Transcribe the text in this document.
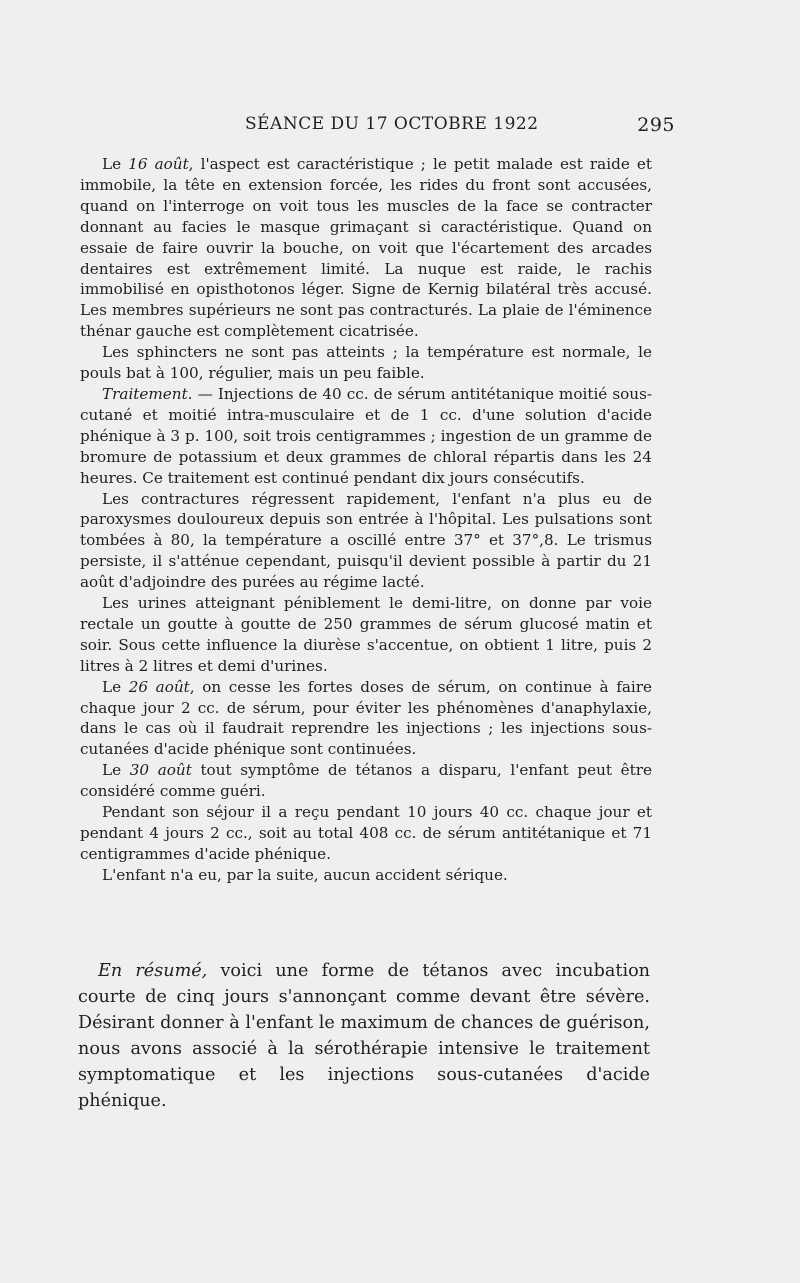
SÉANCE DU 17 OCTOBRE 1922	295

Le 16 août, l'aspect est caractéristique ; le petit malade est raide et immobile, la tête en extension forcée, les rides du front sont accusées, quand on l'interroge on voit tous les muscles de la face se contracter donnant au facies le masque grimaçant si caractéristique. Quand on essaie de faire ouvrir la bouche, on voit que l'écartement des arcades dentaires est extrêmement limité. La nuque est raide, le rachis immobilisé en opisthotonos léger. Signe de Kernig bilatéral très accusé. Les membres supérieurs ne sont pas contracturés. La plaie de l'éminence thénar gauche est complètement cicatrisée.

Les sphincters ne sont pas atteints ; la température est normale, le pouls bat à 100, régulier, mais un peu faible.

Traitement. — Injections de 40 cc. de sérum antitétanique moitié sous-cutané et moitié intra-musculaire et de 1 cc. d'une solution d'acide phénique à 3 p. 100, soit trois centigrammes ; ingestion de un gramme de bromure de potassium et deux grammes de chloral répartis dans les 24 heures. Ce traitement est continué pendant dix jours consécutifs.

Les contractures régressent rapidement, l'enfant n'a plus eu de paroxysmes douloureux depuis son entrée à l'hôpital. Les pulsations sont tombées à 80, la température a oscillé entre 37° et 37°,8. Le trismus persiste, il s'atténue cependant, puisqu'il devient possible à partir du 21 août d'adjoindre des purées au régime lacté.

Les urines atteignant péniblement le demi-litre, on donne par voie rectale un goutte à goutte de 250 grammes de sérum glucosé matin et soir. Sous cette influence la diurèse s'accentue, on obtient 1 litre, puis 2 litres à 2 litres et demi d'urines.

Le 26 août, on cesse les fortes doses de sérum, on continue à faire chaque jour 2 cc. de sérum, pour éviter les phénomènes d'anaphylaxie, dans le cas où il faudrait reprendre les injections ; les injections sous-cutanées d'acide phénique sont continuées.

Le 30 août tout symptôme de tétanos a disparu, l'enfant peut être considéré comme guéri.

Pendant son séjour il a reçu pendant 10 jours 40 cc. chaque jour et pendant 4 jours 2 cc., soit au total 408 cc. de sérum antitétanique et 71 centigrammes d'acide phénique.

L'enfant n'a eu, par la suite, aucun accident sérique.

En résumé, voici une forme de tétanos avec incubation courte de cinq jours s'annonçant comme devant être sévère. Désirant donner à l'enfant le maximum de chances de guérison, nous avons associé à la sérothérapie intensive le traitement symptomatique et les injections sous-cutanées d'acide phénique.
